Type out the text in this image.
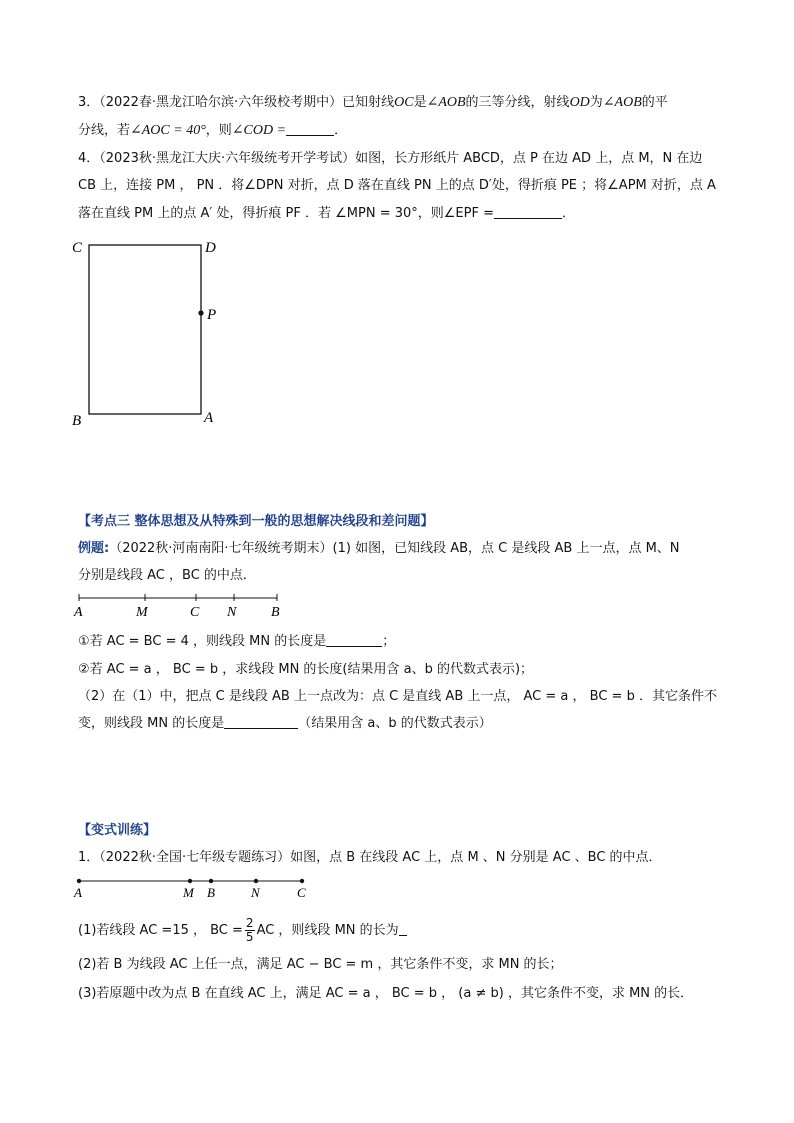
3．（2022春·黑龙江哈尔滨·六年级校考期中）已知射线OC是∠AOB的三等分线，射线OD为∠AOB的平
分线，若∠AOC = 40°，则∠COD =	．
4．（2023秋·黑龙江大庆·六年级统考开学考试）如图，长方形纸片 ABCD，点 P 在边 AD 上，点 M，N 在边
CB 上，连接 PM ， PN ．将∠DPN 对折，点 D 落在直线 PN 上的点 D′处，得折痕 PE ；将∠APM 对折，点 A
落在直线 PM 上的点 A′ 处，得折痕 PF ．若 ∠MPN = 30°，则∠EPF =	．
C	D
P
B	A
【考点三 整体思想及从特殊到一般的思想解决线段和差问题】
例题:（2022秋·河南南阳·七年级统考期末）(1) 如图，已知线段 AB，点 C 是线段 AB 上一点，点 M、N
分别是线段 AC ，BC 的中点．
A	M	C N B
①若 AC = BC = 4 ，则线段 MN 的长度是	；
②若 AC = a ， BC = b ，求线段 MN 的长度(结果用含 a、b 的代数式表示)；
（2）在（1）中，把点 C 是线段 AB 上一点改为：点 C 是直线 AB 上一点， AC = a ， BC = b ．其它条件不
变，则线段 MN 的长度是	（结果用含 a、b 的代数式表示）
【变式训练】
1．（2022秋·全国·七年级专题练习）如图，点 B 在线段 AC 上，点 M 、N 分别是 AC 、BC 的中点．
A	M B	N	C
(1)若线段 AC =15 ， BC = $\frac{2}{5}$ AC ，则线段 MN 的长为
(2)若 B 为线段 AC 上任一点，满足 AC − BC = m ，其它条件不变，求 MN 的长；
(3)若原题中改为点 B 在直线 AC 上，满足 AC = a ， BC = b ， (a ≠ b) ，其它条件不变，求 MN 的长．
